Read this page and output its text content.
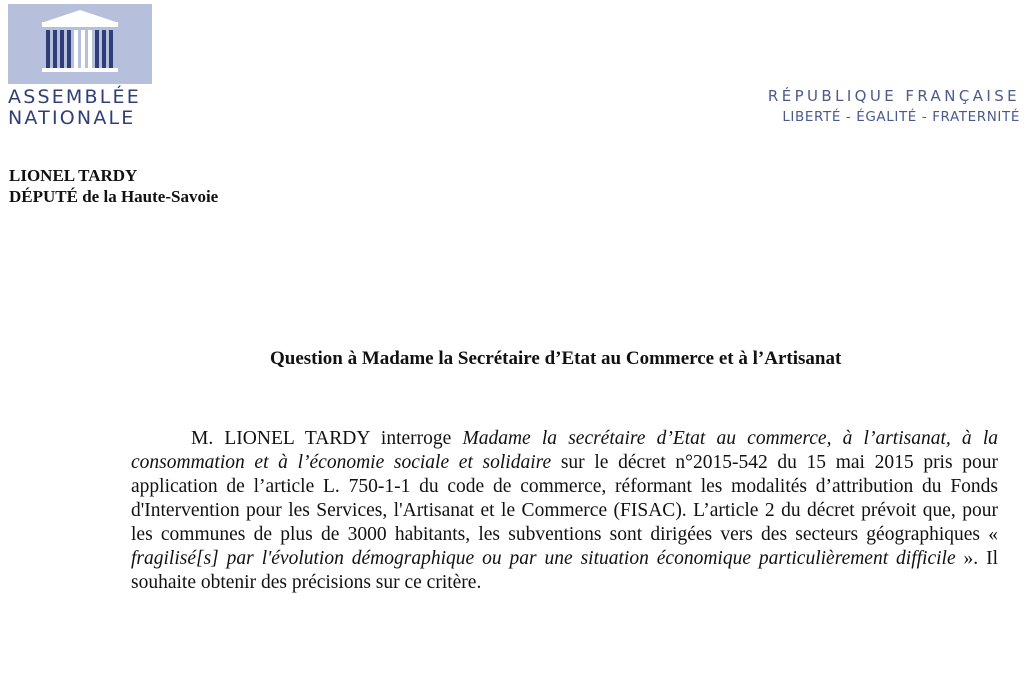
ASSEMBLÉE
NATIONALE
RÉPUBLIQUE FRANÇAISE
LIBERTÉ - ÉGALITÉ - FRATERNITÉ
LIONEL TARDY
DÉPUTÉ de la Haute-Savoie
Question à Madame la Secrétaire d’Etat au Commerce et à l’Artisanat
M. LIONEL TARDY interroge Madame la secrétaire d’Etat au commerce, à l’artisanat, à la consommation et à l’économie sociale et solidaire sur le décret n°2015-542 du 15 mai 2015 pris pour application de l’article L. 750-1-1 du code de commerce, réformant les modalités d’attribution du Fonds d'Intervention pour les Services, l'Artisanat et le Commerce (FISAC). L’article 2 du décret prévoit que, pour les communes de plus de 3000 habitants, les subventions sont dirigées vers des secteurs géographiques « fragilisé[s] par l'évolution démographique ou par une situation économique particulièrement difficile ». Il souhaite obtenir des précisions sur ce critère.
